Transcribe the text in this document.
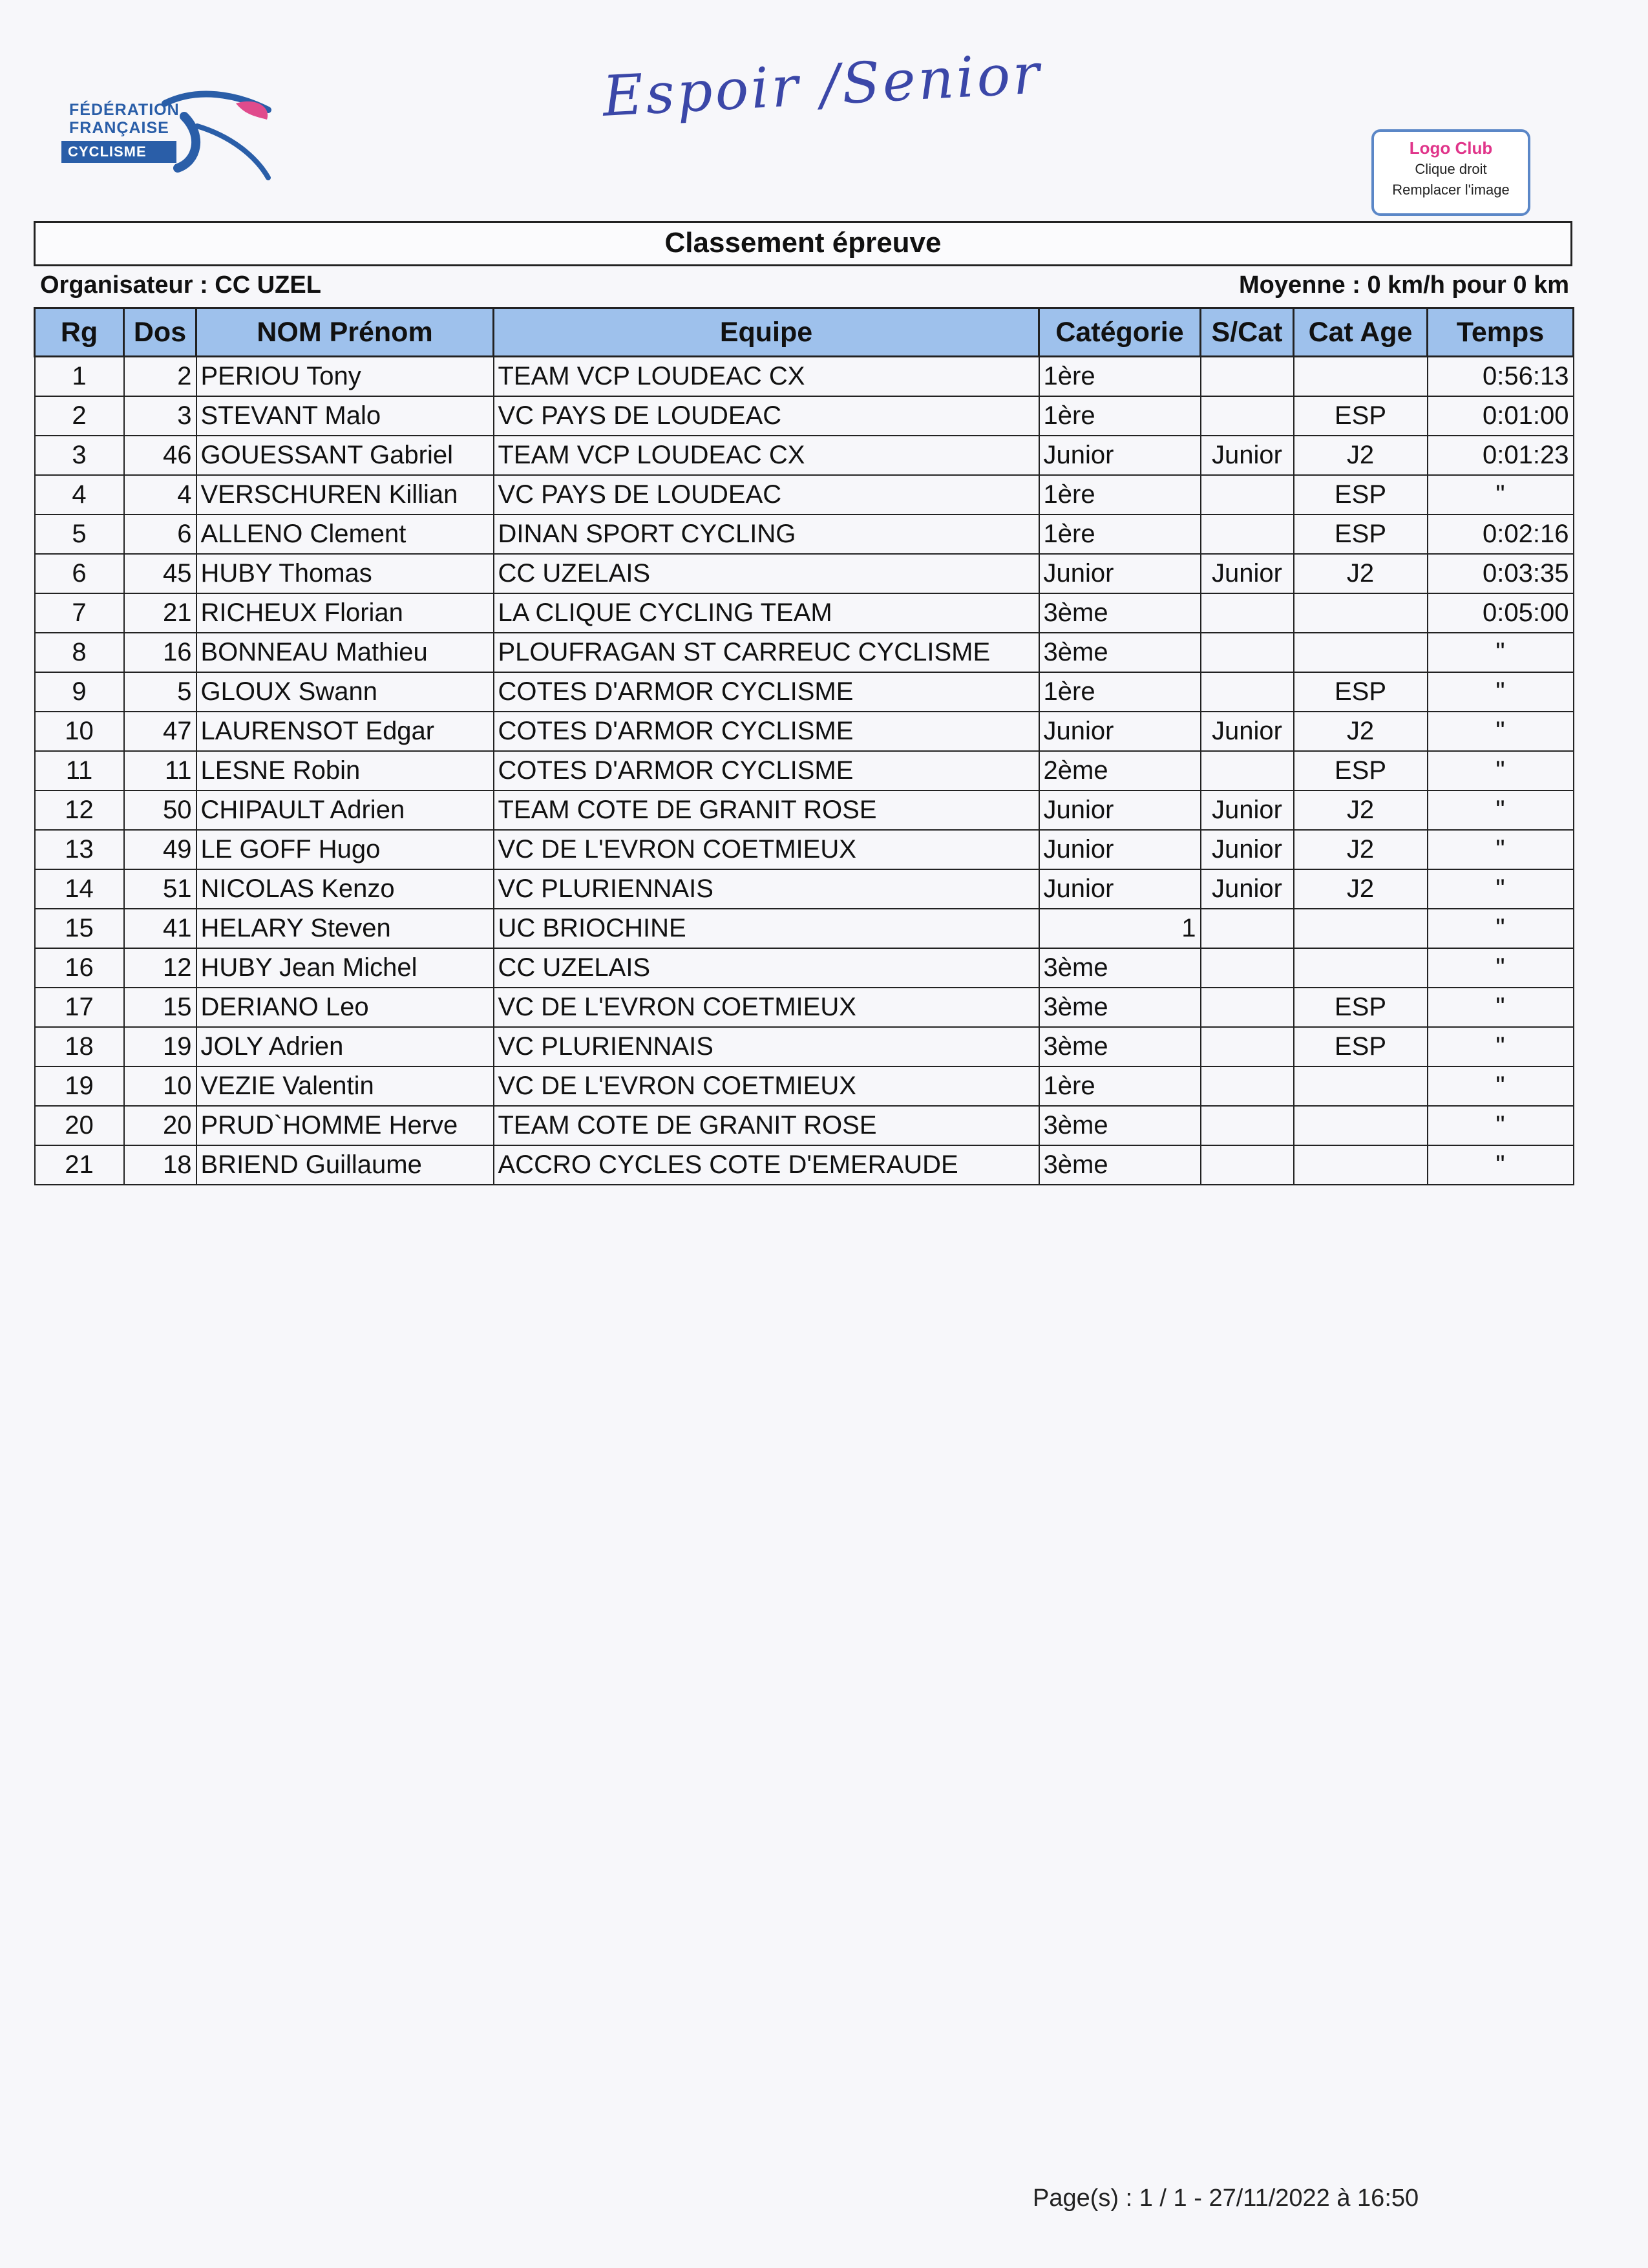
FÉDÉRATION
FRANÇAISE
CYCLISME
Espoir /Senior
Logo Club
Clique droit
Remplacer l'image
Classement épreuve
Organisateur : CC UZEL	Moyenne : 0 km/h pour 0 km
Rg	Dos	NOM Prénom	Equipe	Catégorie	S/Cat	Cat Age	Temps
1	2	PERIOU Tony	TEAM VCP LOUDEAC CX	1ère			0:56:13
2	3	STEVANT Malo	VC PAYS DE LOUDEAC	1ère		ESP	0:01:00
3	46	GOUESSANT Gabriel	TEAM VCP LOUDEAC CX	Junior	Junior	J2	0:01:23
4	4	VERSCHUREN Killian	VC PAYS DE LOUDEAC	1ère		ESP	"
5	6	ALLENO Clement	DINAN SPORT CYCLING	1ère		ESP	0:02:16
6	45	HUBY Thomas	CC UZELAIS	Junior	Junior	J2	0:03:35
7	21	RICHEUX Florian	LA CLIQUE CYCLING TEAM	3ème			0:05:00
8	16	BONNEAU Mathieu	PLOUFRAGAN ST CARREUC CYCLISME	3ème			"
9	5	GLOUX Swann	COTES D'ARMOR CYCLISME	1ère		ESP	"
10	47	LAURENSOT Edgar	COTES D'ARMOR CYCLISME	Junior	Junior	J2	"
11	11	LESNE Robin	COTES D'ARMOR CYCLISME	2ème		ESP	"
12	50	CHIPAULT Adrien	TEAM COTE DE GRANIT ROSE	Junior	Junior	J2	"
13	49	LE GOFF Hugo	VC DE L'EVRON COETMIEUX	Junior	Junior	J2	"
14	51	NICOLAS Kenzo	VC PLURIENNAIS	Junior	Junior	J2	"
15	41	HELARY Steven	UC BRIOCHINE	1			"
16	12	HUBY Jean Michel	CC UZELAIS	3ème			"
17	15	DERIANO Leo	VC DE L'EVRON COETMIEUX	3ème		ESP	"
18	19	JOLY Adrien	VC PLURIENNAIS	3ème		ESP	"
19	10	VEZIE Valentin	VC DE L'EVRON COETMIEUX	1ère			"
20	20	PRUD`HOMME Herve	TEAM COTE DE GRANIT ROSE	3ème			"
21	18	BRIEND Guillaume	ACCRO CYCLES COTE D'EMERAUDE	3ème			"
Page(s) : 1 / 1 - 27/11/2022 à 16:50
